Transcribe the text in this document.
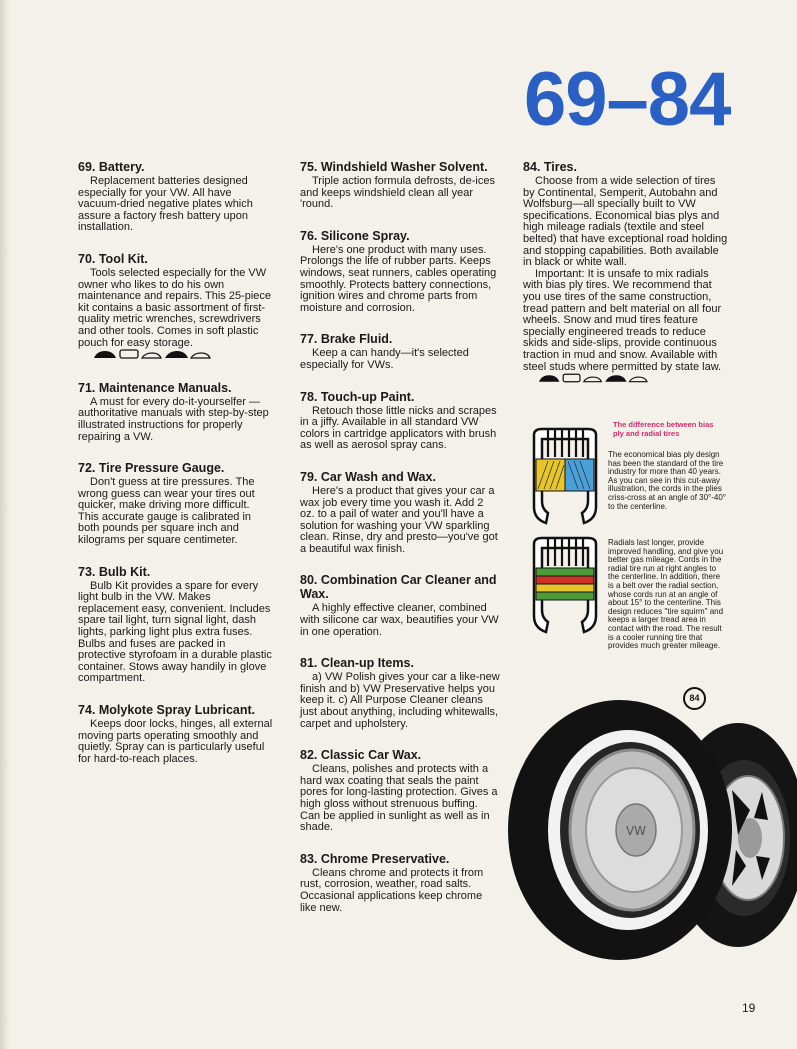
69–84
69. Battery.

Replacement batteries designed especially for your VW. All have vacuum-dried negative plates which assure a factory fresh battery upon installation.

70. Tool Kit.

Tools selected especially for the VW owner who likes to do his own maintenance and repairs. This 25-piece kit contains a basic assortment of first-quality metric wrenches, screwdrivers and other tools. Comes in soft plastic pouch for easy storage.

71. Maintenance Manuals.

A must for every do-it-yourselfer —authoritative manuals with step-by-step illustrated instructions for properly repairing a VW.

72. Tire Pressure Gauge.

Don't guess at tire pressures. The wrong guess can wear your tires out quicker, make driving more difficult. This accurate gauge is calibrated in both pounds per square inch and kilograms per square centimeter.

73. Bulb Kit.

Bulb Kit provides a spare for every light bulb in the VW. Makes replacement easy, convenient. Includes spare tail light, turn signal light, dash lights, parking light plus extra fuses. Bulbs and fuses are packed in protective styrofoam in a durable plastic container. Stows away handily in glove compartment.

74. Molykote Spray Lubricant.

Keeps door locks, hinges, all external moving parts operating smoothly and quietly. Spray can is particularly useful for hard-to-reach places.

75. Windshield Washer Solvent.

Triple action formula defrosts, de-ices and keeps windshield clean all year 'round.

76. Silicone Spray.

Here's one product with many uses. Prolongs the life of rubber parts. Keeps windows, seat runners, cables operating smoothly. Protects battery connections, ignition wires and chrome parts from moisture and corrosion.

77. Brake Fluid.

Keep a can handy—it's selected especially for VWs.

78. Touch-up Paint.

Retouch those little nicks and scrapes in a jiffy. Available in all standard VW colors in cartridge applicators with brush as well as aerosol spray cans.

79. Car Wash and Wax.

Here's a product that gives your car a wax job every time you wash it. Add 2 oz. to a pail of water and you'll have a solution for washing your VW sparkling clean. Rinse, dry and presto—you've got a beautiful wax finish.

80. Combination Car Cleaner and Wax.

A highly effective cleaner, combined with silicone car wax, beautifies your VW in one operation.

81. Clean-up Items.

a) VW Polish gives your car a like-new finish and b) VW Preservative helps you keep it. c) All Purpose Cleaner cleans just about anything, including whitewalls, carpet and upholstery.

82. Classic Car Wax.

Cleans, polishes and protects with a hard wax coating that seals the paint pores for long-lasting protection. Gives a high gloss without strenuous buffing. Can be applied in sunlight as well as in shade.

83. Chrome Preservative.

Cleans chrome and protects it from rust, corrosion, weather, road salts. Occasional applications keep chrome like new.

84. Tires.

Choose from a wide selection of tires by Continental, Semperit, Autobahn and Wolfsburg—all specially built to VW specifications. Economical bias plys and high mileage radials (textile and steel belted) that have exceptional road holding and stopping capabilities. Both available in black or white wall.

Important: It is unsafe to mix radials with bias ply tires. We recommend that you use tires of the same construction, tread pattern and belt material on all four wheels. Snow and mud tires feature specially engineered treads to reduce skids and side-slips, provide continuous traction in mud and snow. Available with steel studs where permitted by state law.

The difference between bias ply and radial tires
The economical bias ply design has been the standard of the tire industry for more than 40 years. As you can see in this cut-away illustration, the cords in the plies criss-cross at an angle of 30°-40° to the centerline.
Radials last longer, provide improved handling, and give you better gas mileage. Cords in the radial tire run at right angles to the centerline. In addition, there is a belt over the radial section, whose cords run at an angle of about 15° to the centerline. This design reduces "tire squirm" and keeps a larger tread area in contact with the road. The result is a cooler running tire that provides much greater mileage.
84
VW
19
